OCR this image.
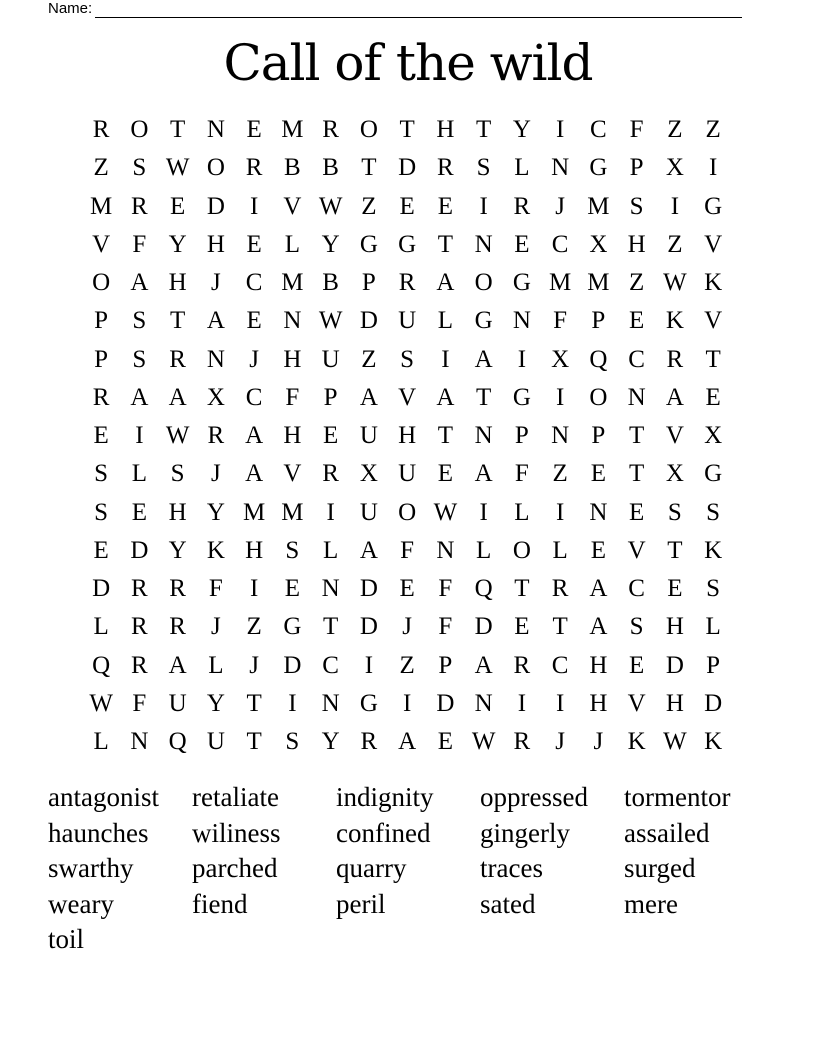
Name:
Call of the wild
R O T N E M R O T H T Y	I	C F Z Z
Z S W O R B B T D R S L N G P X	I
M R E D	I	V W Z E E	I	R	J M S	I	G
V F Y H E L Y G G T N E C X H Z V
O A H J	C M B P R A O G M M Z W K
P S T A E N W D U L G N F P E K V
P S R N J H U Z S	I	A	I	X Q C R T
R A A X C F P A V A T G	I	O N A E
E	I W R A H E U H T N P N P T V X
S L S	J A V R X U E A F Z E T X G
S E H Y M M I	U O W I	L	I	N E S S
E D Y K H S L A F N L O L E V T K
D R R F	I	E N D E F Q T R A C E S
L R R	J	Z G T D J	F D E T A S H L
Q R A L	J D C	I	Z P A R C H E D P
W F U Y T	I	N G	I	D N	I	I	H V H D
L N Q U T S Y R A E W R	J	J K W K
antagonist	retaliate	indignity	oppressed	tormentor
haunches	wiliness	confined	gingerly	assailed
swarthy	parched	quarry	traces	surged
weary	fiend	peril	sated	mere
toil
